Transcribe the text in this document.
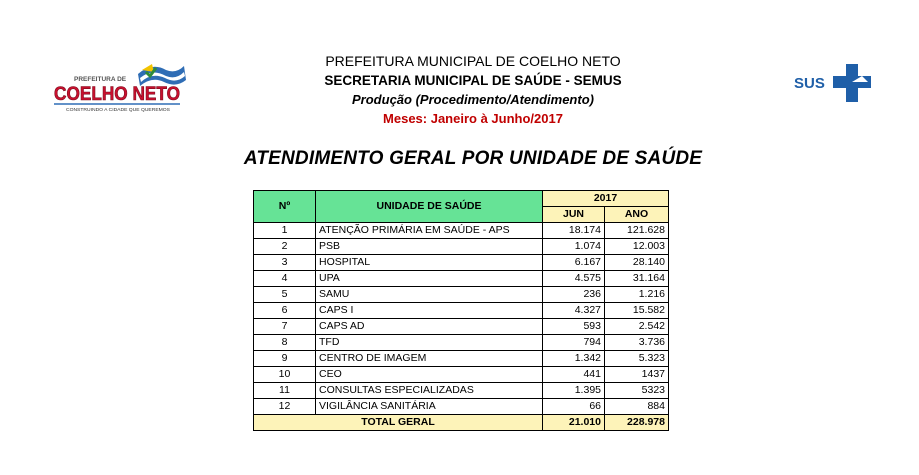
PREFEITURA DE
COELHO NETO
CONSTRUINDO A CIDADE QUE QUEREMOS
SUS
PREFEITURA MUNICIPAL DE COELHO NETO
SECRETARIA MUNICIPAL DE SAÚDE - SEMUS
Produção (Procedimento/Atendimento)
Meses: Janeiro à Junho/2017
ATENDIMENTO GERAL POR UNIDADE DE SAÚDE
Nº	UNIDADE DE SAÚDE	2017	
		JUN	ANO
1	ATENÇÃO PRIMÁRIA EM SAÚDE - APS	18.174	121.628
2	PSB	1.074	12.003
3	HOSPITAL	6.167	28.140
4	UPA	4.575	31.164
5	SAMU	236	1.216
6	CAPS I	4.327	15.582
7	CAPS AD	593	2.542
8	TFD	794	3.736
9	CENTRO DE IMAGEM	1.342	5.323
10	CEO	441	1437
11	CONSULTAS ESPECIALIZADAS	1.395	5323
12	VIGILÂNCIA SANITÁRIA	66	884
TOTAL GERAL		21.010	228.978
